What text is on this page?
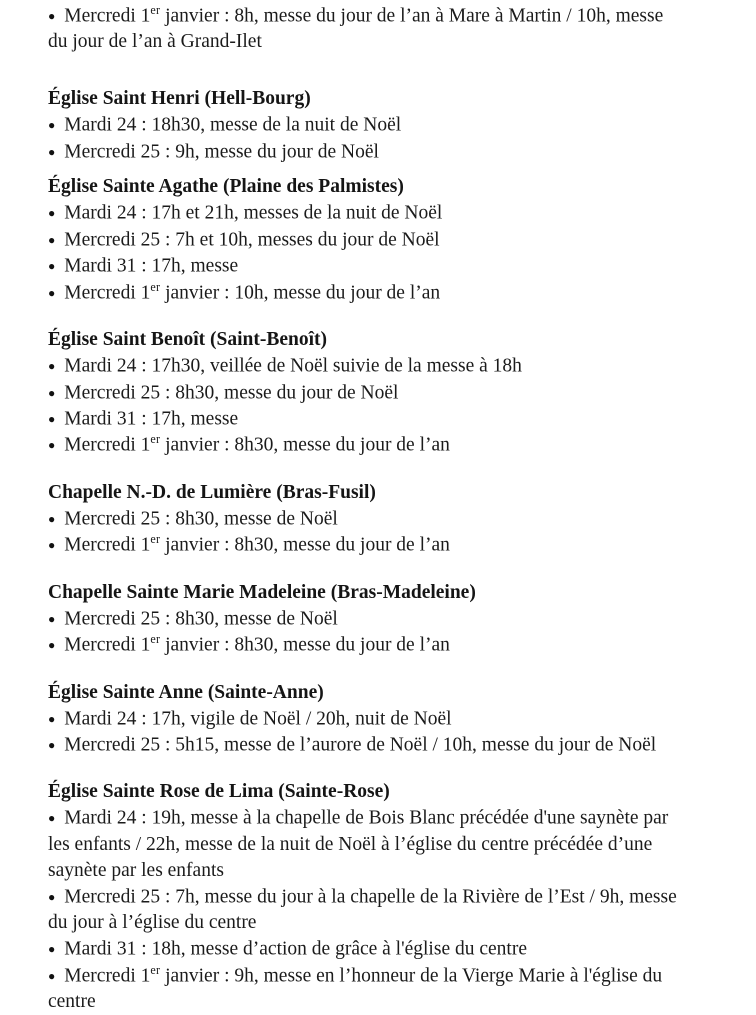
● Mercredi 1er janvier : 8h, messe du jour de l’an à Mare à Martin / 10h, messe
du jour de l’an à Grand-Ilet

Église Saint Henri (Hell-Bourg)

● Mardi 24 : 18h30, messe de la nuit de Noël

● Mercredi 25 : 9h, messe du jour de Noël

Église Sainte Agathe (Plaine des Palmistes)

● Mardi 24 : 17h et 21h, messes de la nuit de Noël

● Mercredi 25 : 7h et 10h, messes du jour de Noël

● Mardi 31 : 17h, messe

● Mercredi 1er janvier : 10h, messe du jour de l’an

Église Saint Benoît (Saint-Benoît)

● Mardi 24 : 17h30, veillée de Noël suivie de la messe à 18h

● Mercredi 25 : 8h30, messe du jour de Noël

● Mardi 31 : 17h, messe

● Mercredi 1er janvier : 8h30, messe du jour de l’an

Chapelle N.-D. de Lumière (Bras-Fusil)

● Mercredi 25 : 8h30, messe de Noël

● Mercredi 1er janvier : 8h30, messe du jour de l’an

Chapelle Sainte Marie Madeleine (Bras-Madeleine)

● Mercredi 25 : 8h30, messe de Noël

● Mercredi 1er janvier : 8h30, messe du jour de l’an

Église Sainte Anne (Sainte-Anne)

● Mardi 24 : 17h, vigile de Noël / 20h, nuit de Noël

● Mercredi 25 : 5h15, messe de l’aurore de Noël / 10h, messe du jour de Noël

Église Sainte Rose de Lima (Sainte-Rose)

● Mardi 24 : 19h, messe à la chapelle de Bois Blanc précédée d'une saynète par
les enfants / 22h, messe de la nuit de Noël à l’église du centre précédée d’une
saynète par les enfants

● Mercredi 25 : 7h, messe du jour à la chapelle de la Rivière de l’Est / 9h, messe
du jour à l’église du centre

● Mardi 31 : 18h, messe d’action de grâce à l'église du centre

● Mercredi 1er janvier : 9h, messe en l’honneur de la Vierge Marie à l'église du
centre
